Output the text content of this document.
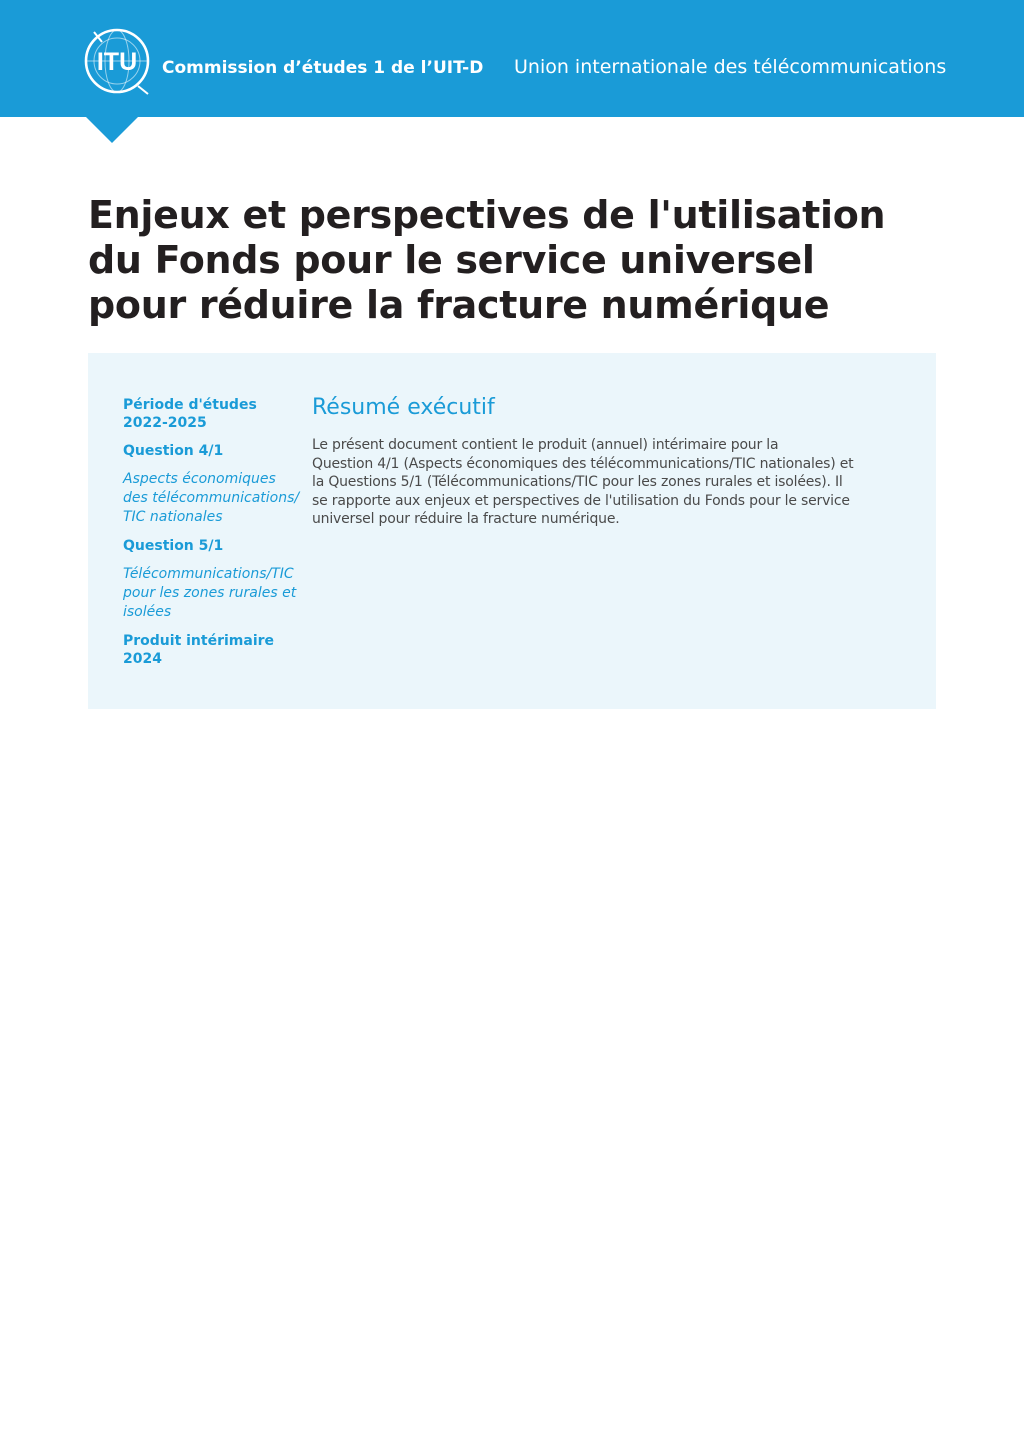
ITU Commission d’études 1 de l’UIT-D Union internationale des télécommunications
Enjeux et perspectives de l'utilisation
du Fonds pour le service universel
pour réduire la fracture numérique

Période d'études
2022-2025

Question 4/1

Aspects économiques
des télécommunications/
TIC nationales

Question 5/1

Télécommunications/TIC
pour les zones rurales et
isolées

Produit intérimaire
2024

Résumé exécutif

Le présent document contient le produit (annuel) intérimaire pour la
Question 4/1 (Aspects économiques des télécommunications/TIC nationales) et
la Questions 5/1 (Télécommunications/TIC pour les zones rurales et isolées). Il
se rapporte aux enjeux et perspectives de l'utilisation du Fonds pour le service
universel pour réduire la fracture numérique.
